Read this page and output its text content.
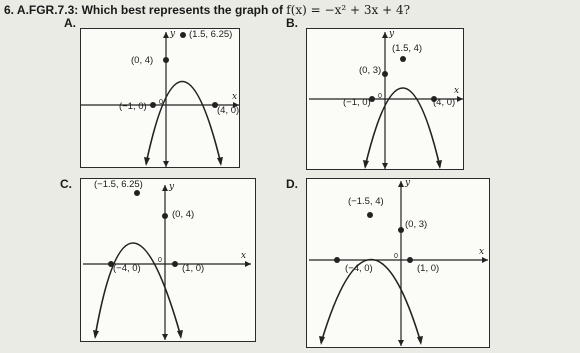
6. A.FGR.7.3: Which best represents the graph of f(x) = −x² + 3x + 4?
A.
(1.5, 6.25)
(0, 4)
(−1, 0)	(4, 0)
y
x
0
B.
(1.5, 4)
(0, 3)
(−1, 0)	(4, 0)
y
x
0
C. (−1.5, 6.25)
(0, 4)
(−4, 0)	(1, 0)
y
x
0
D.
(−1.5, 4)
(0, 3)
(−4, 0)	(1, 0)
y
x
0
